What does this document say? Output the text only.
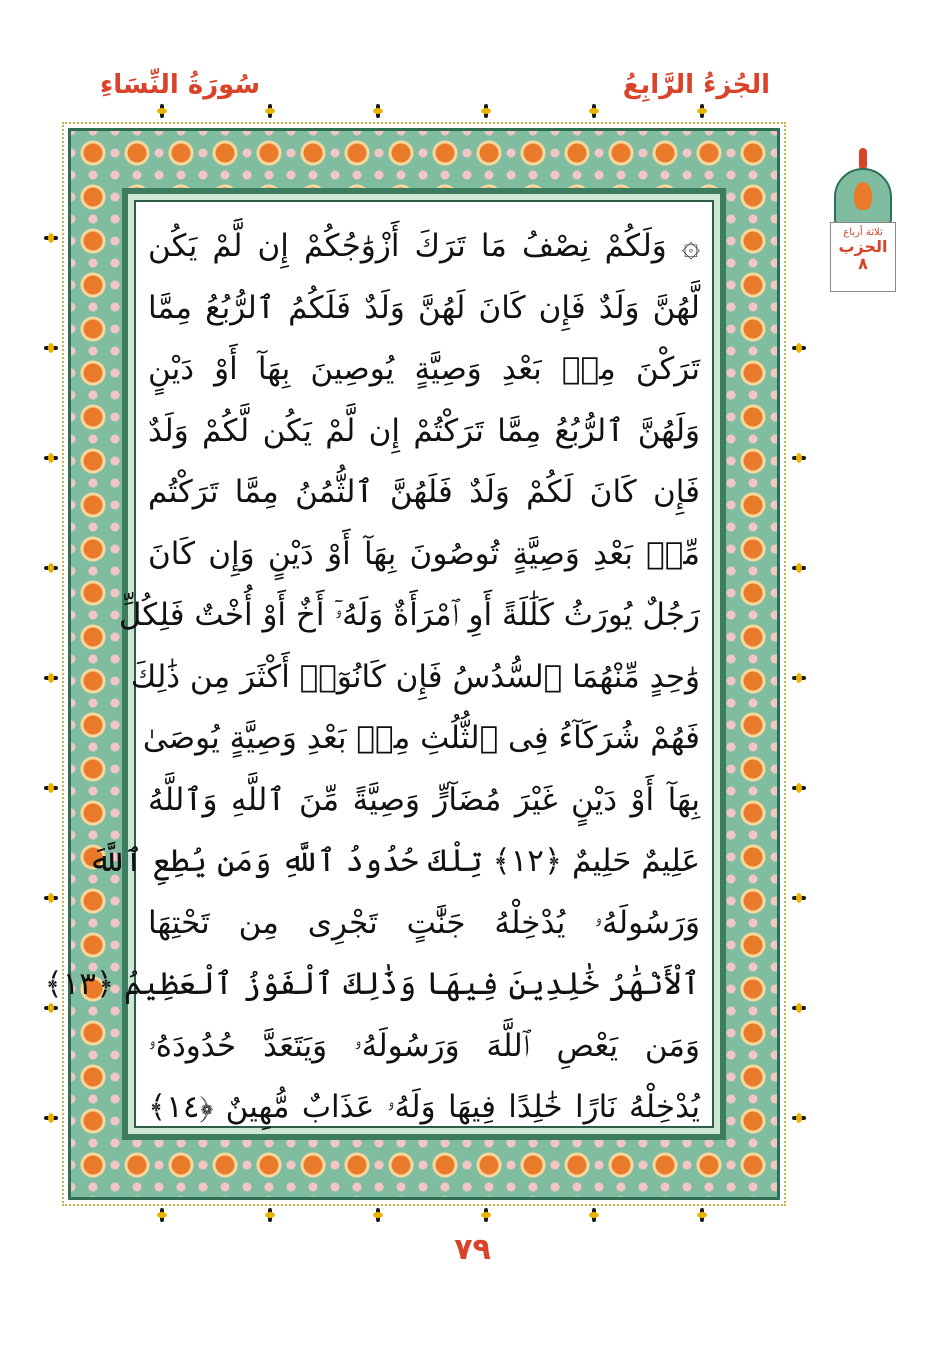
الجُزءُ الرَّابِعُ
سُورَةُ النِّسَاءِ
۞ وَلَكُمْ نِصْفُ مَا تَرَكَ أَزْوَٰجُكُمْ إِن لَّمْ يَكُن
لَّهُنَّ وَلَدٌ فَإِن كَانَ لَهُنَّ وَلَدٌ فَلَكُمُ ٱلرُّبُعُ مِمَّا
تَرَكْنَ مِنۢ بَعْدِ وَصِيَّةٍ يُوصِينَ بِهَآ أَوْ دَيْنٍ
وَلَهُنَّ ٱلرُّبُعُ مِمَّا تَرَكْتُمْ إِن لَّمْ يَكُن لَّكُمْ وَلَدٌ
فَإِن كَانَ لَكُمْ وَلَدٌ فَلَهُنَّ ٱلثُّمُنُ مِمَّا تَرَكْتُم
مِّنۢ بَعْدِ وَصِيَّةٍ تُوصُونَ بِهَآ أَوْ دَيْنٍ وَإِن كَانَ
رَجُلٌ يُورَثُ كَلَٰلَةً أَوِ ٱمْرَأَةٌ وَلَهُۥٓ أَخٌ أَوْ أُخْتٌ فَلِكُلِّ
وَٰحِدٍ مِّنْهُمَا ٱلسُّدُسُ فَإِن كَانُوٓا۟ أَكْثَرَ مِن ذَٰلِكَ
فَهُمْ شُرَكَآءُ فِى ٱلثُّلُثِ مِنۢ بَعْدِ وَصِيَّةٍ يُوصَىٰ
بِهَآ أَوْ دَيْنٍ غَيْرَ مُضَآرٍّ وَصِيَّةً مِّنَ ٱللَّهِ وَٱللَّهُ
عَلِيمٌ حَلِيمٌ ﴿١٢﴾ تِلْكَ حُدُودُ ٱللَّهِ وَمَن يُطِعِ ٱللَّهَ
وَرَسُولَهُۥ يُدْخِلْهُ جَنَّٰتٍ تَجْرِى مِن تَحْتِهَا
ٱلْأَنْهَٰرُ خَٰلِدِينَ فِيهَا وَذَٰلِكَ ٱلْفَوْزُ ٱلْعَظِيمُ ﴿١٣﴾
وَمَن يَعْصِ ٱللَّهَ وَرَسُولَهُۥ وَيَتَعَدَّ حُدُودَهُۥ
يُدْخِلْهُ نَارًا خَٰلِدًا فِيهَا وَلَهُۥ عَذَابٌ مُّهِينٌ ﴿١٤﴾
ثلاثة أرباع
الحزب
٨
٧٩
